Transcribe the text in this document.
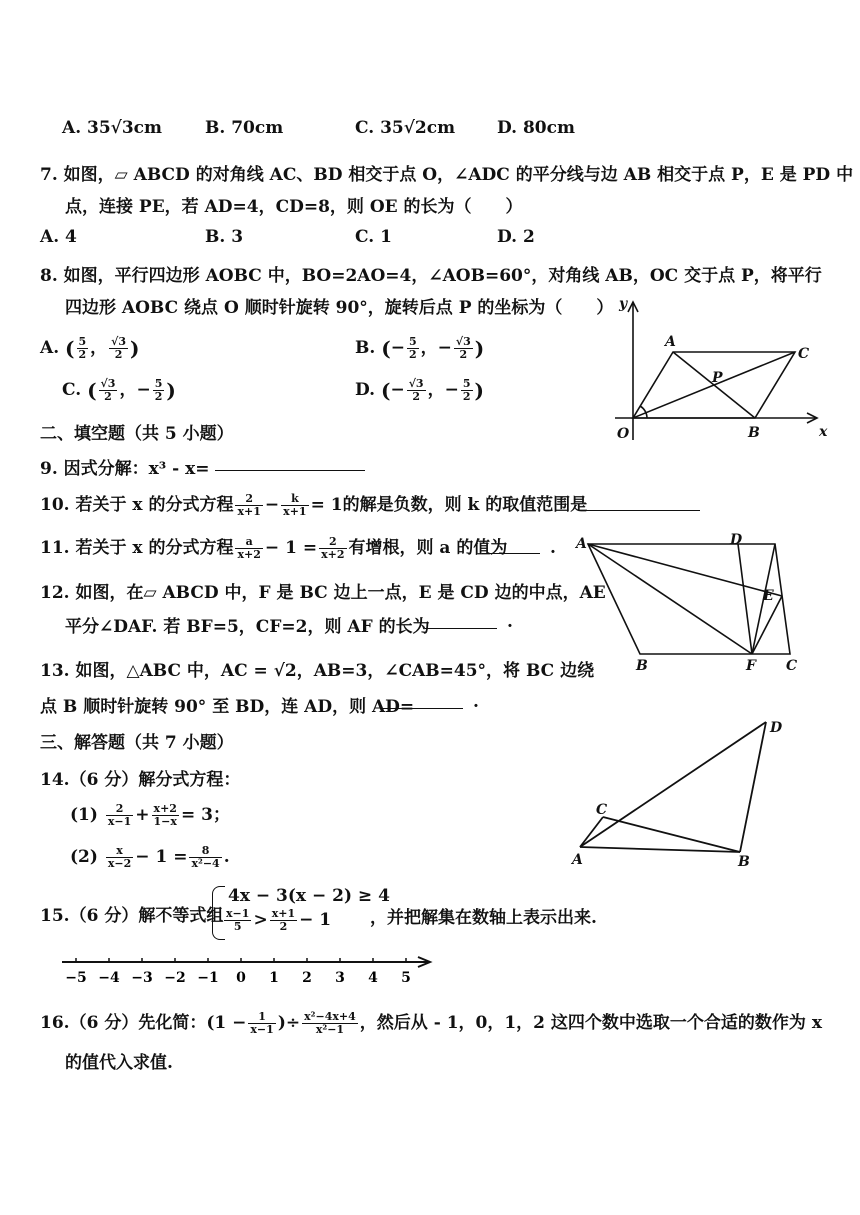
A. 35√3cm	B. 70cm	C. 35√2cm D. 80cm
7. 如图，▱ ABCD 的对角线 AC、BD 相交于点 O，∠ADC 的平分线与边 AB 相交于点 P，E 是 PD 中
点，连接 PE，若 AD=4，CD=8，则 OE 的长为（　　）
A. 4	B. 3	C. 1	D. 2
8. 如图，平行四边形 AOBC 中，BO=2AO=4，∠AOB=60°，对角线 AB，OC 交于点 P，将平行
四边形 AOBC 绕点 O 顺时针旋转 90°，旋转后点 P 的坐标为（　　）
A. ( $\frac{5}{2}$ ， $\frac{√3}{2}$ )	B. (− $\frac{5}{2}$ ，− $\frac{√3}{2}$ )
C. ( $\frac{√3}{2}$ ，− $\frac{5}{2}$ )	D. (− $\frac{√3}{2}$ ，− $\frac{5}{2}$ )
y
x
A
C
P
O	B
二、填空题（共 5 小题）
9. 因式分解：x³ - x=
10. 若关于 x 的分式方程 $\frac{2}{x+1} - \frac{k}{x+1} = 1$的解是负数，则 k 的取值范围是
11. 若关于 x 的分式方程 $\frac{a}{x+2} - 1 = \frac{2}{x+2}$ 有增根，则 a 的值为	.
12. 如图，在▱ ABCD 中，F 是 BC 边上一点，E 是 CD 边的中点，AE
平分∠DAF. 若 BF=5，CF=2，则 AF 的长为	.
A	D
E
B	F C
13. 如图，△ABC 中，AC = √2，AB=3，∠CAB=45°，将 BC 边绕
点 B 顺时针旋转 90° 至 BD，连 AD，则 AD=	.
三、解答题（共 7 小题）
D
C
A	B
14.（6 分）解分式方程：
$(1) \frac{2}{x-1} + \frac{x+2}{1-x} = 3$；
$(2) \frac{x}{x-2} - 1 = \frac{8}{\text{x²−4}}$ .
15.（6 分）解不等式组
4x − 3(x − 2) ≥ 4
$\frac{x-1}{5} > \frac{x+1}{2} - 1$ ，并把解集在数轴上表示出来.
−5 −4 −3 −2 −1 0 1 2 3 4 5
16.（6 分）先化简：($1 - \frac{1}{x-1}$ )÷ $\frac{\text{x²−4x+4}}{\text{x²−1}}$ ，然后从 - 1，0，1，2 这四个数中选取一个合适的数作为 x
的值代入求值.
